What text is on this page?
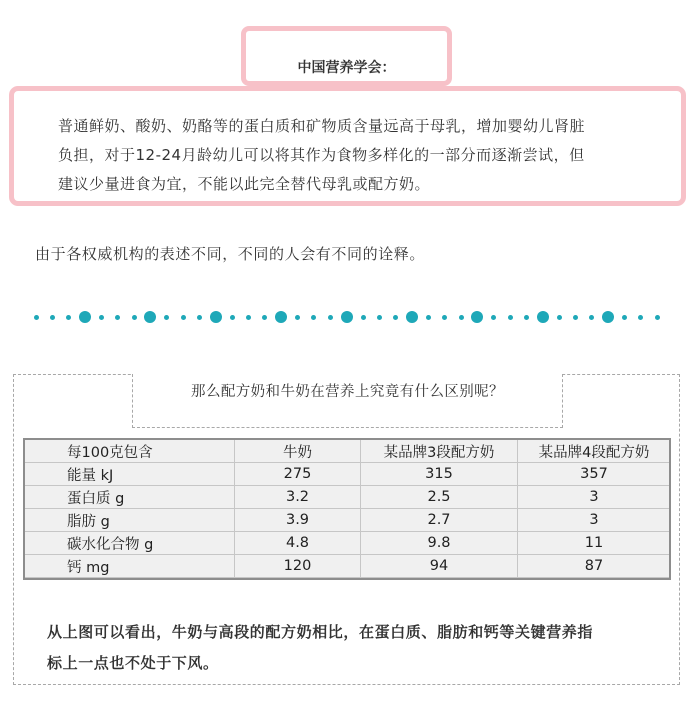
中国营养学会：
普通鲜奶、酸奶、奶酪等的蛋白质和矿物质含量远高于母乳，增加婴幼儿肾脏
负担，对于12-24月龄幼儿可以将其作为食物多样化的一部分而逐渐尝试，但
建议少量进食为宜，不能以此完全替代母乳或配方奶。
由于各权威机构的表述不同，不同的人会有不同的诠释。
那么配方奶和牛奶在营养上究竟有什么区别呢？
每100克包含	牛奶	某品牌3段配方奶	某品牌4段配方奶
能量 kJ	275	315	357
蛋白质 g	3.2	2.5	3
脂肪 g	3.9	2.7	3
碳水化合物 g	4.8	9.8	11
钙 mg	120	94	87
从上图可以看出，牛奶与高段的配方奶相比，在蛋白质、脂肪和钙等关键营养指
标上一点也不处于下风。
